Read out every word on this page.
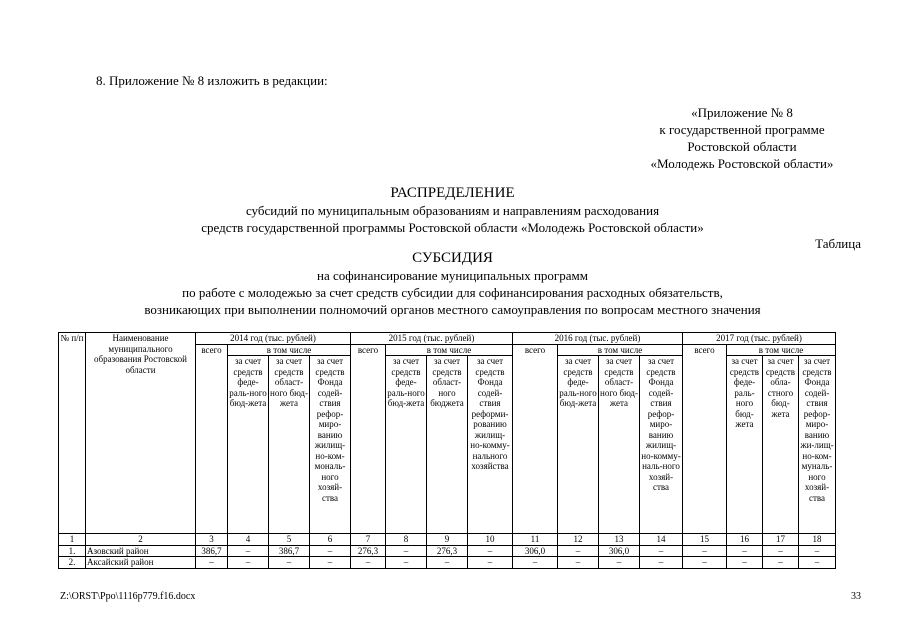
8. Приложение № 8 изложить в редакции:
«Приложение № 8
к государственной программе
Ростовской области
«Молодежь Ростовской области»
РАСПРЕДЕЛЕНИЕ
субсидий по муниципальным образованиям и направлениям расходования
средств государственной программы Ростовской области «Молодежь Ростовской области»
Таблица
СУБСИДИЯ
на софинансирование муниципальных программ
по работе с молодежью за счет средств субсидии для софинансирования расходных обязательств,
возникающих при выполнении полномочий органов местного самоуправления по вопросам местного значения
№ п/п	Наименование муниципального образования Ростовской области	2014 год (тыс. рублей)				2015 год (тыс. рублей)				2016 год (тыс. рублей)				2017 год (тыс. рублей)			
		всего	в том числе			всего	в том числе			всего	в том числе			всего	в том числе		
			за счет средств феде-раль-ного бюд-жета	за счет средств област-ного бюд-жета	за счет средств Фонда содей-ствия рефор-миро-ванию жилищ-но-ком-мональ-ного хозяй-ства		за счет средств феде-раль-ного бюд-жета	за счет средств област-ного бюджета	за счет средств Фонда содей-ствия реформи-рованию жилищ-но-комму-нального хозяйства		за счет средств феде-раль-ного бюд-жета	за счет средств област-ного бюд-жета	за счет средств Фонда содей-ствия рефор-миро-ванию жилищ-но-комму-наль-ного хозяй-ства		за счет средств феде-раль-ного бюд-жета	за счет средств обла-стного бюд-жета	за счет средств Фонда содей-ствия рефор-миро-ванию жи-лищ-но-ком-муналь-ного хозяй-ства
1	2	3	4	5	6	7	8	9	10	11	12	13	14	15	16	17	18
1.	Азовский район	386,7	–	386,7	–	276,3	–	276,3	–	306,0	–	306,0	–	–	–	–	–
2.	Аксайский район	–	–	–	–	–	–	–	–	–	–	–	–	–	–	–	–
Z:\ORST\Ppo\1116p779.f16.docx	33
